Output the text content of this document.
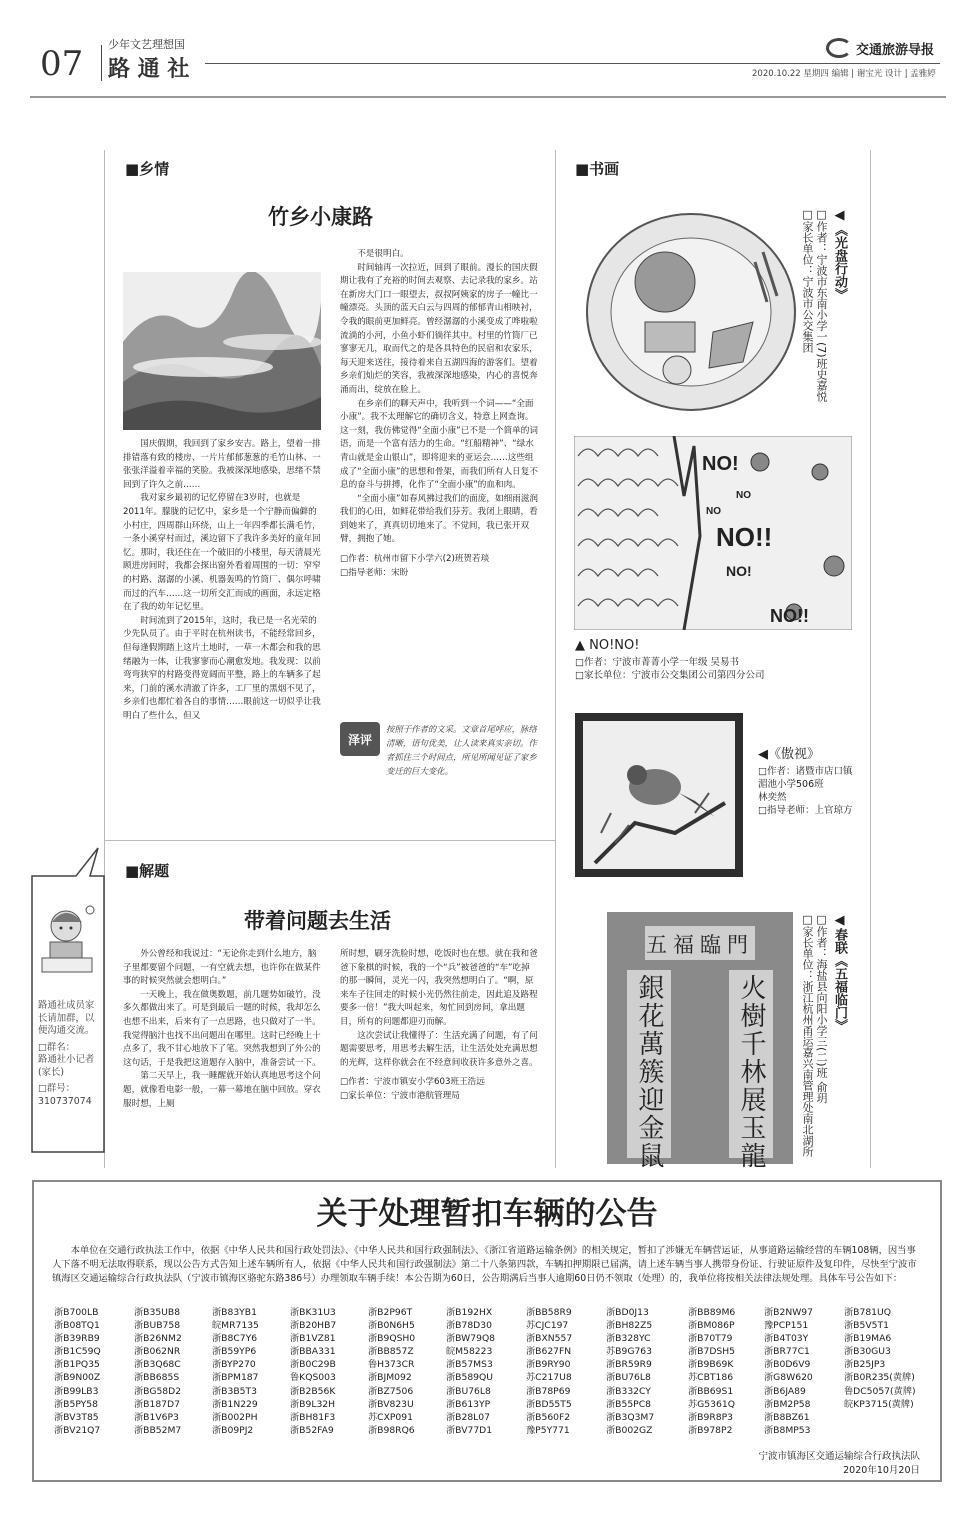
07 少年文艺理想国
路 通 社
交通旅游导报
2020.10.22 星期四 编辑 | 谢宝光 设计 | 孟雅婷
■乡情
竹乡小康路

国庆假期，我回到了家乡安吉。路上，望着一排排错落有致的楼房、一片片郁郁葱葱的毛竹山林、一张张洋溢着幸福的笑脸。我被深深地感染，思绪不禁回到了许久之前……

我对家乡最初的记忆停留在3岁时，也就是2011年。朦胧的记忆中，家乡是一个宁静而偏僻的小村庄，四周群山环绕，山上一年四季都长满毛竹，一条小溪穿村而过，溪边留下了我许多美好的童年回忆。那时，我还住在一个破旧的小楼里，每天清晨光顾进房间时，我都会探出窗外看着周围的一切：窄窄的村路、潺潺的小溪、机器轰鸣的竹筒厂、偶尔呼啸而过的汽车……这一切所交汇而成的画面，永远定格在了我的幼年记忆里。

时间流到了2015年，这时，我已是一名光荣的少先队员了。由于平时在杭州读书，不能经常回乡，但每逢假期踏上这片土地时，一草一木都会和我的思绪融为一体，让我寥寥而心潮愈发地。我发现：以前弯弯狭窄的村路变得宽阔而平整，路上的车辆多了起来，门前的溪水清澈了许多，工厂里的黑烟不见了，乡亲们也都忙着各自的事情……眼前这一切似乎让我明白了些什么，但又

不是很明白。

时间轴再一次拉近，回到了眼前。漫长的国庆假期让我有了充裕的时间去观察、去记录我的家乡。站在新房大门口一眼望去，叔叔阿姨家的房子一幢比一幢漂亮。头顶的蓝天白云与四周的郁郁青山相映衬，令我的眼前更加鲜亮。曾经潺潺的小溪变成了哗啦啦流淌的小河，小鱼小虾们徜徉其中。村里的竹筒厂已寥寥无几，取而代之的是各具特色的民宿和农家乐，每天迎来送往，接待着来自五湖四海的游客们。望着乡亲们灿烂的笑容，我被深深地感染，内心的喜悦奔涌而出，绽放在脸上。

在乡亲们的聊天声中，我听到一个词——“全面小康”。我不太理解它的确切含义，特意上网查询。这一刻，我仿佛觉得“全面小康”已不是一个简单的词语，而是一个富有活力的生命。“红船精神”、“绿水青山就是金山银山”，即将迎来的亚运会……这些组成了“全面小康”的思想和骨架，而我们所有人日复不息的奋斗与拼搏，化作了“全面小康”的血和肉。

“全面小康”如春风拂过我们的面庞，如细雨滋润我们的心田，如鲜花带给我们芬芳。我闭上眼睛，看到她来了，真真切切地来了。不觉间，我已张开双臂，拥抱了她。

□作者：杭州市留下小学六(2)班贺若琰
□指导老师：宋盼
泽评
按照于作者的文采。文章首尾呼应，脉络清晰，语句优美，让人读来真实亲切。作者抓住三个时间点，所见所闻见证了家乡变迁的巨大变化。
■解题
带着问题去生活

外公曾经和我说过：“无论你走到什么地方，脑子里都要留个问题，一有空就去想，也许你在做某件事的时候突然就会想明白。”

一天晚上，我在做奥数题，前几题势如破竹，没多久都做出来了。可是到最后一题的时候，我却怎么也想不出来，后来有了一点思路，也只做对了一半。我觉得脑汁也找不出问题出在哪里。这时已经晚上十点多了，我不甘心地放下了笔。突然我想到了外公的这句话，于是我把这道题存入脑中，准备尝试一下。

第二天早上，我一睡醒就开始认真地思考这个问题，就像看电影一般，一幕一幕地在脑中回放。穿衣服时想，上厕

所时想，刷牙洗脸时想，吃饭时也在想。就在我和爸爸下象棋的时候，我的一个“兵”被爸爸的“车”吃掉的那一瞬间，灵光一闪，我突然想明白了。“啊，原来车子往回走的时候小光仍然往前走，因此追及路程要多一倍！”我大叫起来，匆忙回到房间，拿出题目，所有的问题都迎刃而解。

这次尝试让我懂得了：生活充满了问题，有了问题需要思考，用思考去解生活，让生活处处充满思想的光辉，这样你就会在不经意间收获许多意外之喜。

□作者：宁波市镇安小学603班王浩远
□家长单位：宁波市港航管理局
路通社成员家长请加群，以便沟通交流。
□群名：
路通社小记者(家长)
□群号：
310737074
■书画
◀《光盘行动》
□作者：宁波市东南小学一(7)班史嘉悦
□家长单位：宁波市公交集团
NO!
NO
NO
NO!!
NO!
NO!!
▲ NO!NO!
□作者：宁波市菁菁小学一年级 吴易书
□家长单位：宁波市公交集团公司第四分公司
◀《傲视》
□作者：诸暨市店口镇
湄池小学506班
林奕然
□指导老师：上官琼方
五福臨門
火樹千林展玉龍
銀花萬簇迎金鼠
◀春联《五福临门》
□作者：海盐县向阳小学三(二)班 俞玥
□家长单位：浙江杭州甬运嘉兴南管理处南北湖所
关于处理暂扣车辆的公告
本单位在交通行政执法工作中，依据《中华人民共和国行政处罚法》、《中华人民共和国行政强制法》、《浙江省道路运输条例》的相关规定，暂扣了涉嫌无车辆营运证，从事道路运输经营的车辆108辆，因当事人下落不明无法取得联系，现以公告方式告知上述车辆所有人，依据《中华人民共和国行政强制法》第二十八条第四款，车辆扣押期限已届满，请上述车辆当事人携带身份证、行驶证原件及复印件，尽快至宁波市镇海区交通运输综合行政执法队（宁波市镇海区骆驼东路386号）办理领取车辆手续！本公告期为60日，公告期满后当事人逾期60日仍不领取（处理）的，我单位将按相关法律法规处理。具体车号公告如下：
浙B700LB
浙B08TQ1
浙B39RB9
浙B1C59Q
浙B1PQ35
浙B9N00Z
浙B99LB3
浙B5PY58
浙BV3T85
浙BV21Q7
浙B35UB8
浙BUB758
浙B26NM2
浙B062NR
浙B3Q68C
浙BB685S
浙BG58D2
浙B187D7
浙B1V6P3
浙BB52M7
浙B83YB1
皖MR7135
浙B8C7Y6
浙B59YP6
浙BYP270
浙BPM187
浙B3B5T3
浙B1N229
浙B002PH
浙B09PJ2
浙BK31U3
浙B20HB7
浙B1VZ81
浙BBA331
浙B0C29B
鲁KQS003
浙B2B56K
浙B9L32H
浙BH81F3
浙B52FA9
浙B2P96T
浙B0N6H5
浙B9QSH0
浙BB857Z
鲁H373CR
浙BJM092
浙BZ7506
浙BV823U
苏CXP091
浙B98RQ6
浙B192HX
浙B78D30
浙BW79Q8
皖M58223
浙B57MS3
浙B589QU
浙BU76L8
浙B613YP
浙B28L07
浙BV77D1
浙BB58R9
苏CJC197
浙BXN557
浙B627FN
浙B9RY90
苏C217U8
浙B78P69
浙BD55T5
浙B560F2
豫P5Y771
浙BD0J13
浙BH82Z5
浙B328YC
苏B9G763
浙BR59R9
浙BU76L8
浙B332CY
浙B55PC8
浙B3Q3M7
浙B002GZ
浙BB89M6
浙BM086P
浙B70T79
浙B7DSH5
浙B9B69K
苏CBT186
浙BB69S1
苏G5361Q
浙B9R8P3
浙B978P2
浙B2NW97
豫PCP151
浙B4T03Y
浙BR77C1
浙B0D6V9
浙G8W620
浙B6JA89
浙BM2P58
浙B8BZ61
浙B8MP53
浙B781UQ
浙B5V5T1
浙B19MA6
浙B30GU3
浙B25JP3
浙B0R235(黄牌)
鲁DC5057(黄牌)
皖KP3715(黄牌)
宁波市镇海区交通运输综合行政执法队
2020年10月20日
